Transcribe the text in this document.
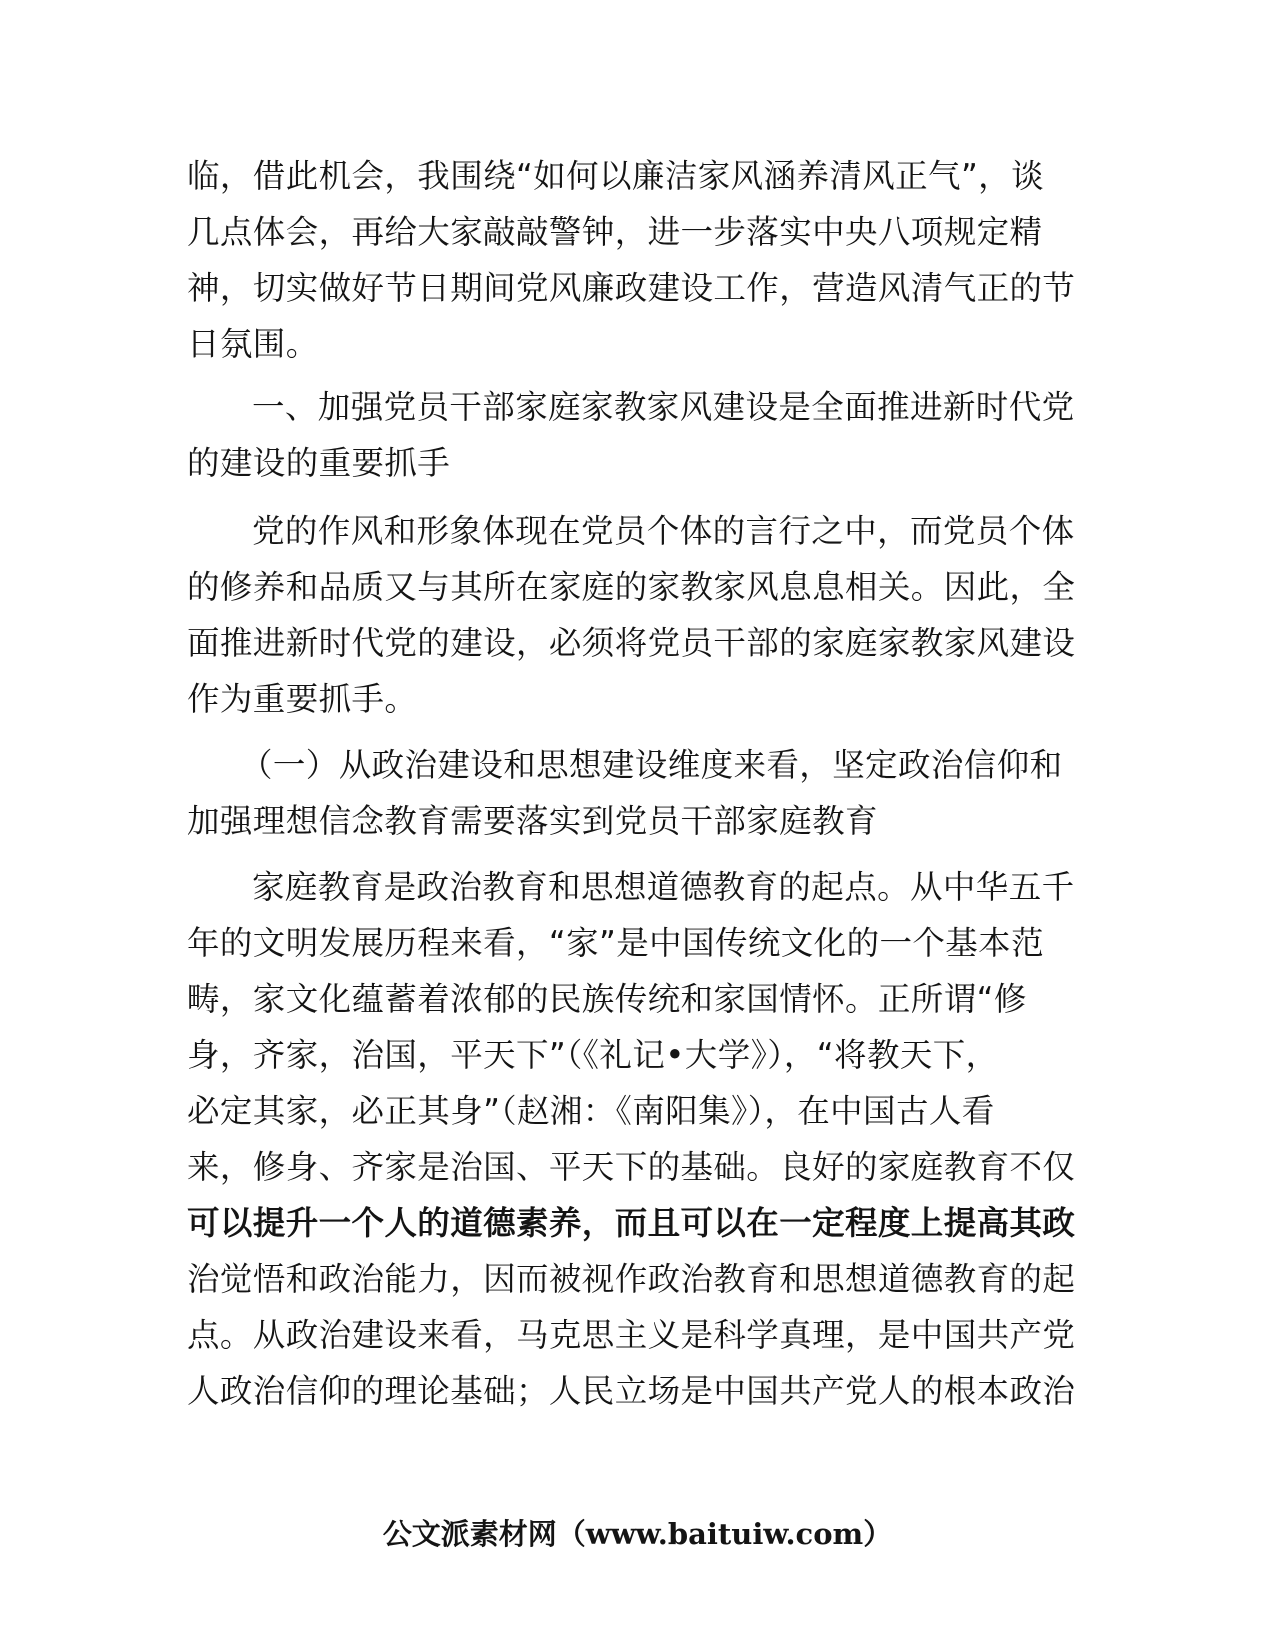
临，借此机会，我围绕“如何以廉洁家风涵养清风正气”，谈
几点体会，再给大家敲敲警钟，进一步落实中央八项规定精
神，切实做好节日期间党风廉政建设工作，营造风清气正的节
日氛围。
一、加强党员干部家庭家教家风建设是全面推进新时代党
的建设的重要抓手
党的作风和形象体现在党员个体的言行之中，而党员个体
的修养和品质又与其所在家庭的家教家风息息相关。因此，全
面推进新时代党的建设，必须将党员干部的家庭家教家风建设
作为重要抓手。
（一）从政治建设和思想建设维度来看，坚定政治信仰和
加强理想信念教育需要落实到党员干部家庭教育
家庭教育是政治教育和思想道德教育的起点。从中华五千
年的文明发展历程来看，“家”是中国传统文化的一个基本范
畴，家文化蕴蓄着浓郁的民族传统和家国情怀。正所谓“修
身，齐家，治国，平天下”（《礼记•大学》），“将教天下，
必定其家，必正其身”（赵湘：《南阳集》），在中国古人看
来，修身、齐家是治国、平天下的基础。良好的家庭教育不仅
可以提升一个人的道德素养，而且可以在一定程度上提高其政
治觉悟和政治能力，因而被视作政治教育和思想道德教育的起
点。从政治建设来看，马克思主义是科学真理，是中国共产党
人政治信仰的理论基础；人民立场是中国共产党人的根本政治
公文派素材网（www.baituiw.com）
